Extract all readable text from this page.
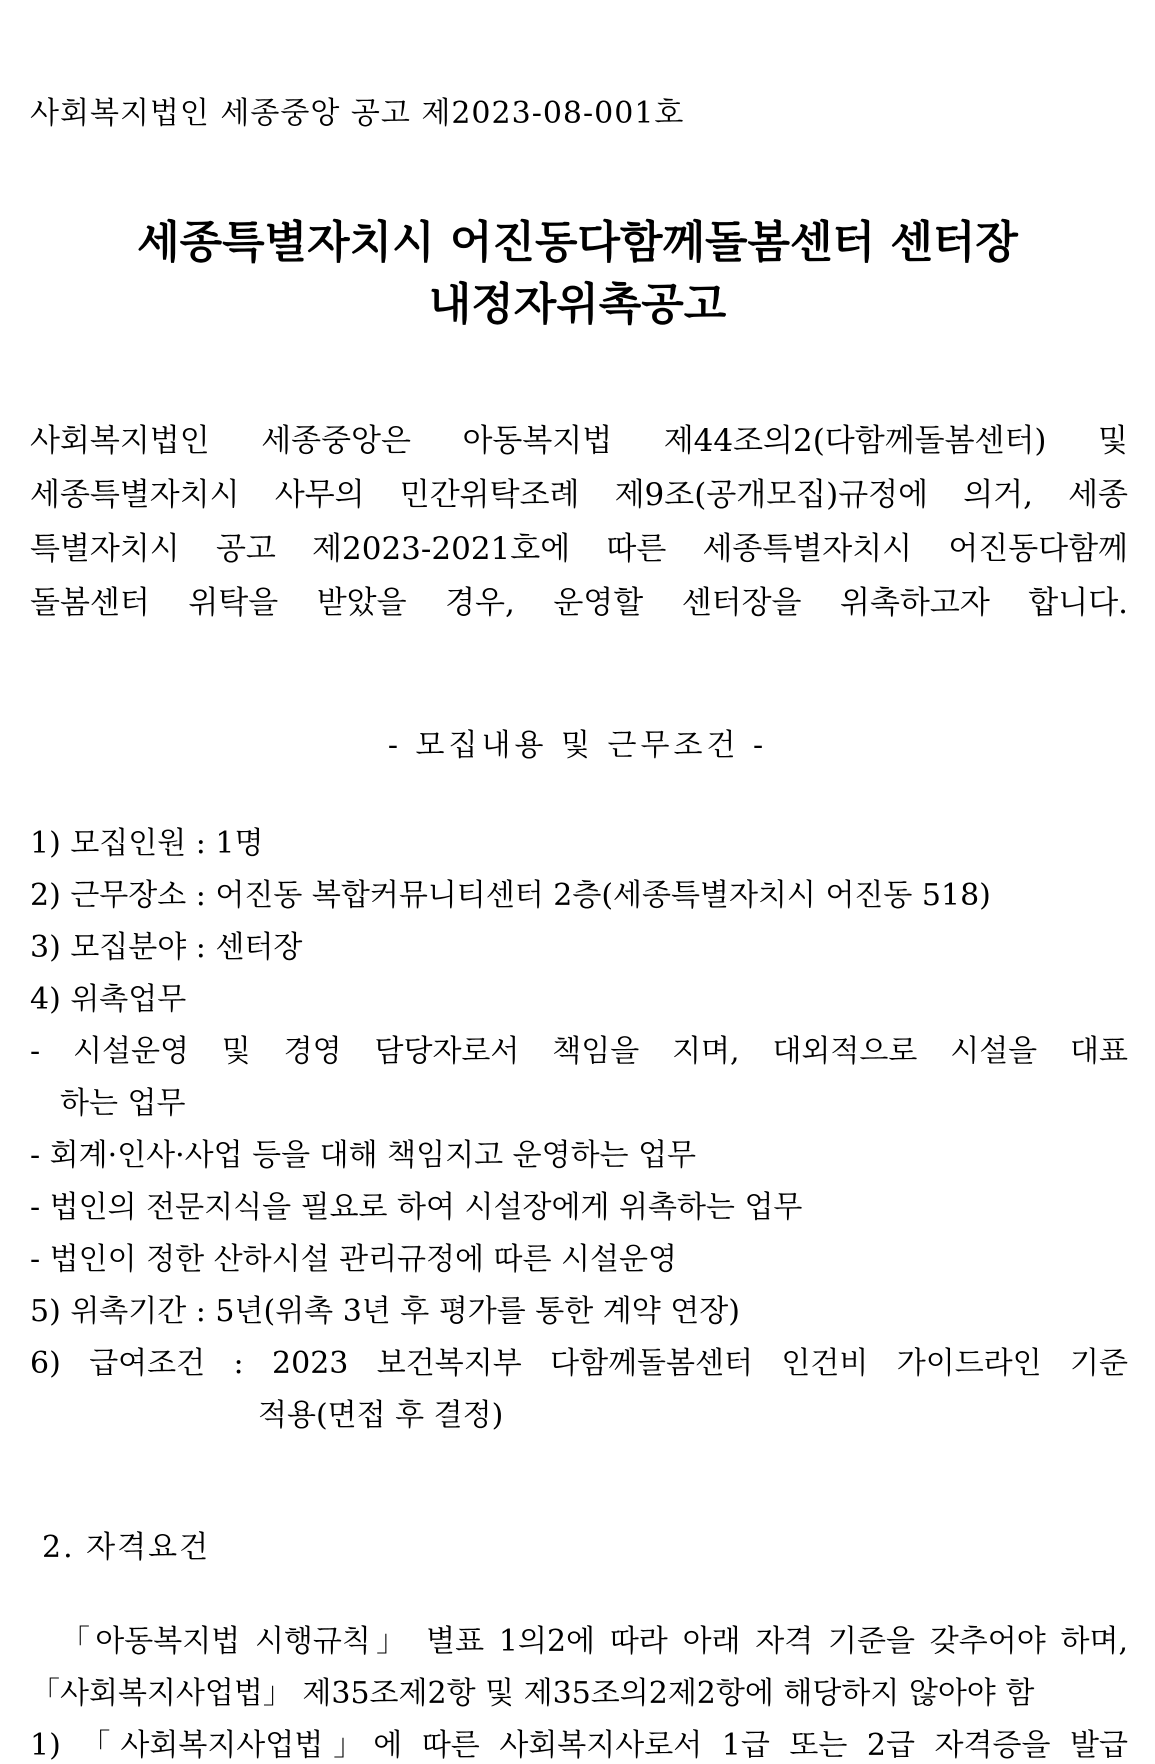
사회복지법인 세종중앙 공고 제2023-08-001호
세종특별자치시 어진동다함께돌봄센터 센터장
내정자위촉공고
사회복지법인 세종중앙은 아동복지법 제44조의2(다함께돌봄센터) 및
세종특별자치시 사무의 민간위탁조례 제9조(공개모집)규정에 의거, 세종
특별자치시 공고 제2023-2021호에 따른 세종특별자치시 어진동다함께
돌봄센터 위탁을 받았을 경우, 운영할 센터장을 위촉하고자 합니다.
- 모집내용 및 근무조건 -
1) 모집인원 : 1명
2) 근무장소 : 어진동 복합커뮤니티센터 2층(세종특별자치시 어진동 518)
3) 모집분야 : 센터장
4) 위촉업무
- 시설운영 및 경영 담당자로서 책임을 지며, 대외적으로 시설을 대표
하는 업무
- 회계·인사·사업 등을 대해 책임지고 운영하는 업무
- 법인의 전문지식을 필요로 하여 시설장에게 위촉하는 업무
- 법인이 정한 산하시설 관리규정에 따른 시설운영
5) 위촉기간 : 5년(위촉 3년 후 평가를 통한 계약 연장)
6) 급여조건 : 2023 보건복지부 다함께돌봄센터 인건비 가이드라인 기준
적용(면접 후 결정)
2. 자격요건
「아동복지법 시행규칙」 별표 1의2에 따라 아래 자격 기준을 갖추어야 하며,
「사회복지사업법」 제35조제2항 및 제35조의2제2항에 해당하지 않아야 함
1) 「사회복지사업법」에 따른 사회복지사로서 1급 또는 2급 자격증을 발급
